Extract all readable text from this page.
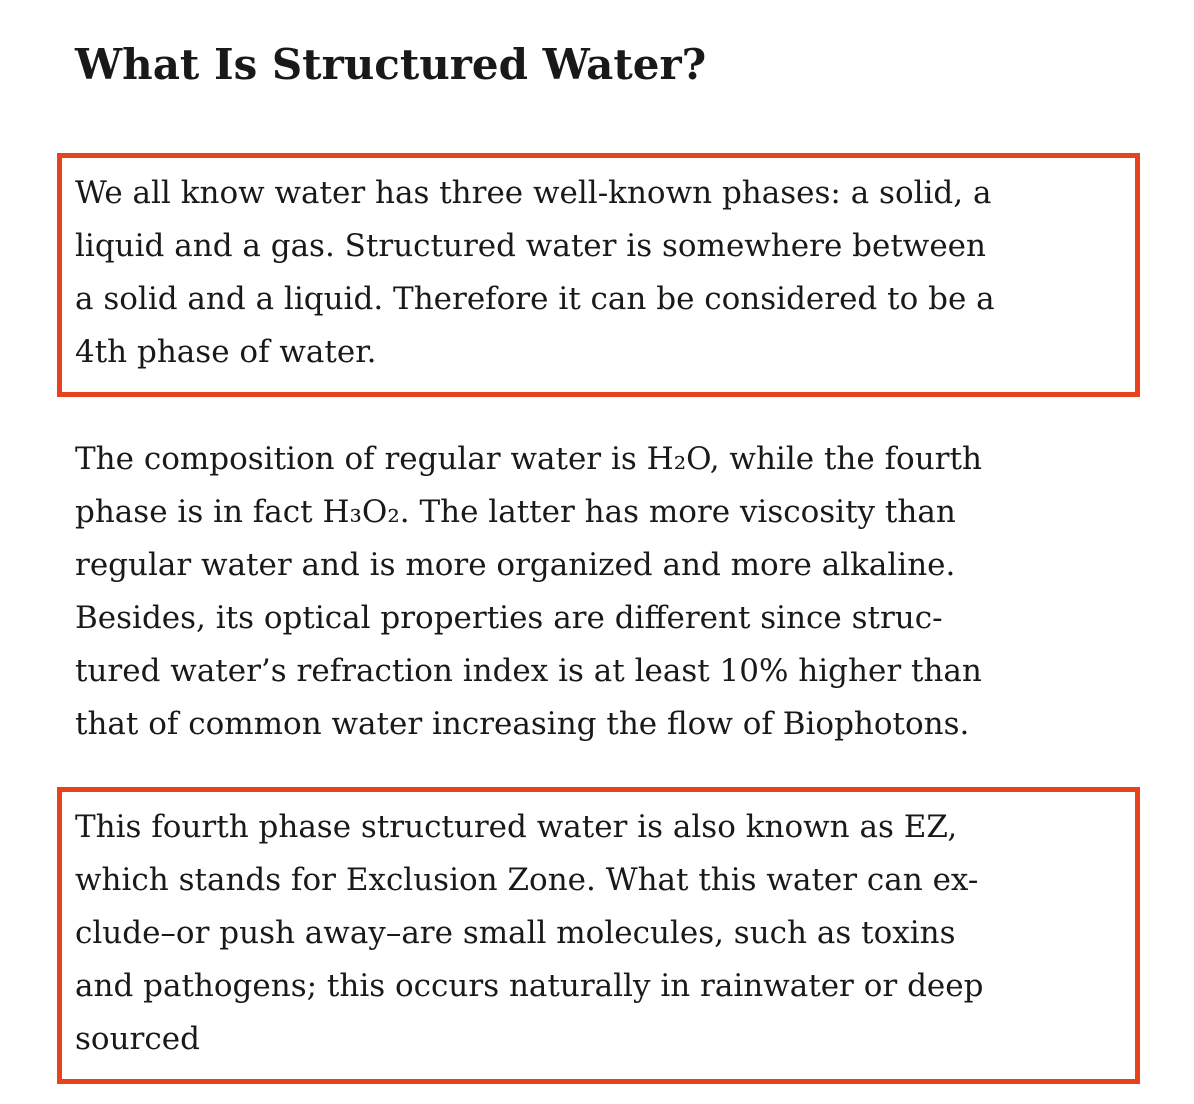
What Is Structured Water?
We all know water has three well-known phases: a solid, a
liquid and a gas. Structured water is somewhere between
a solid and a liquid. Therefore it can be considered to be a
4th phase of water.
The composition of regular water is H₂O, while the fourth
phase is in fact H₃O₂. The latter has more viscosity than
regular water and is more organized and more alkaline.
Besides, its optical properties are different since struc-
tured water’s refraction index is at least 10% higher than
that of common water increasing the flow of Biophotons.
This fourth phase structured water is also known as EZ,
which stands for Exclusion Zone. What this water can ex-
clude–or push away–are small molecules, such as toxins
and pathogens; this occurs naturally in rainwater or deep
sourced
